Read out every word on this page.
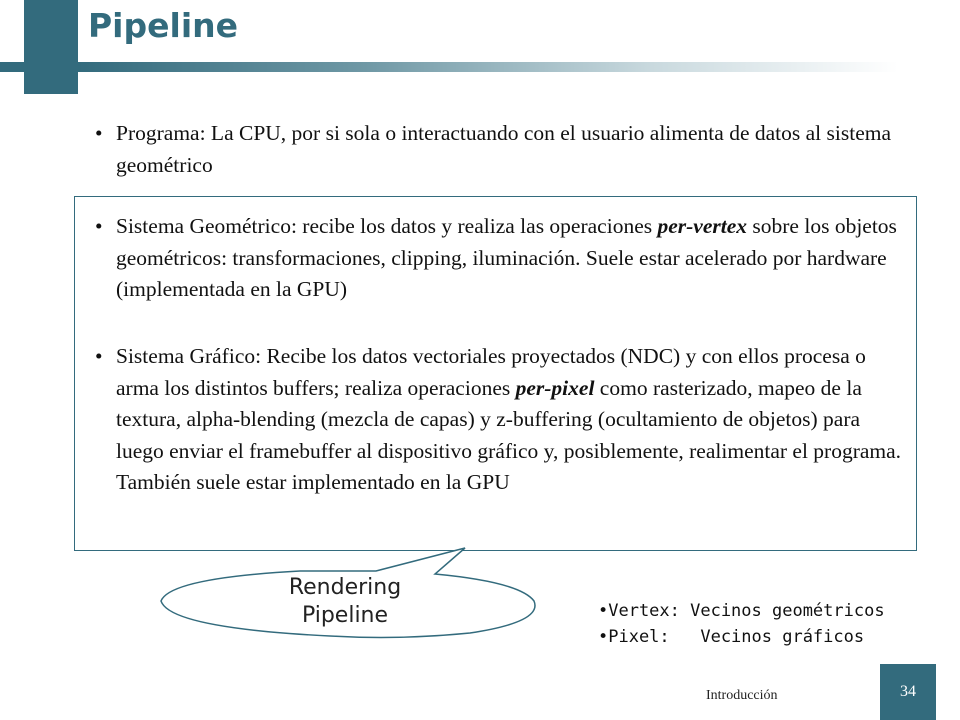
Pipeline
• Programa: La CPU, por si sola o interactuando con el usuario alimenta de datos al sistema geométrico
Rendering
Pipeline
• Sistema Geométrico: recibe los datos y realiza las operaciones per-vertex sobre los objetos geométricos: transformaciones, clipping, iluminación. Suele estar acelerado por hardware (implementada en la GPU)
• Sistema Gráfico: Recibe los datos vectoriales proyectados (NDC) y con ellos procesa o arma los distintos buffers; realiza operaciones per-pixel como rasterizado, mapeo de la textura, alpha-blending (mezcla de capas) y z-buffering (ocultamiento de objetos) para luego enviar el framebuffer al dispositivo gráfico y, posiblemente, realimentar el programa. También suele estar implementado en la GPU
•Vertex: Vecinos geométricos
•Pixel:   Vecinos gráficos
Introducción	34
